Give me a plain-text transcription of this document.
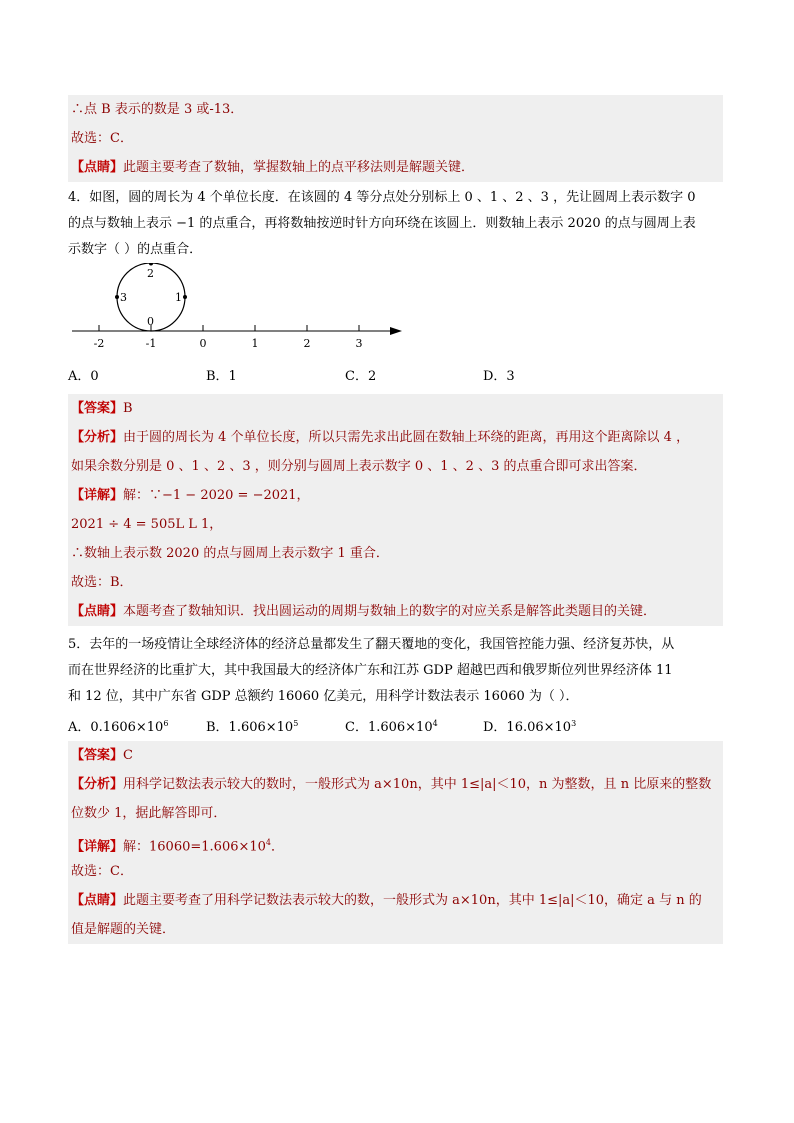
∴点 B 表示的数是 3 或-13．
故选：C．
【点睛】此题主要考查了数轴，掌握数轴上的点平移法则是解题关键．
4．如图，圆的周长为 4 个单位长度．在该圆的 4 等分点处分别标上 0 、1 、2 、3 ，先让圆周上表示数字 0
的点与数轴上表示 −1 的点重合，再将数轴按逆时针方向环绕在该圆上．则数轴上表示 2020 的点与圆周上表
示数字（ ）的点重合．
2
1
3
0
-2	-1	0	1	2	3
A．0	B．1	C．2	D．3
【答案】B
【分析】由于圆的周长为 4 个单位长度，所以只需先求出此圆在数轴上环绕的距离，再用这个距离除以 4 ，
如果余数分别是 0 、1 、2 、3 ，则分别与圆周上表示数字 0 、1 、2 、3 的点重合即可求出答案．
【详解】解：∵−1 − 2020 = −2021，
2021 ÷ 4 = 505L L 1，
∴数轴上表示数 2020 的点与圆周上表示数字 1 重合．
故选：B．
【点睛】本题考查了数轴知识．找出圆运动的周期与数轴上的数字的对应关系是解答此类题目的关键．
5．去年的一场疫情让全球经济体的经济总量都发生了翻天覆地的变化，我国管控能力强、经济复苏快，从
而在世界经济的比重扩大，其中我国最大的经济体广东和江苏 GDP 超越巴西和俄罗斯位列世界经济体 11
和 12 位，其中广东省 GDP 总额约 16060 亿美元，用科学计数法表示 16060 为（ ）．
A．$0.1606\times 10^6$	B．$1.606\times 10^5$	C．$1.606\times 10^4$	D．$16.06\times 10^3$
【答案】C
【分析】用科学记数法表示较大的数时，一般形式为 a×10n，其中 1≤|a|＜10，n 为整数，且 n 比原来的整数
位数少 1，据此解答即可．
【详解】解：$16060=1.606\times 10^4$．
故选：C．
【点睛】此题主要考查了用科学记数法表示较大的数，一般形式为 a×10n，其中 1≤|a|＜10，确定 a 与 n 的
值是解题的关键．
